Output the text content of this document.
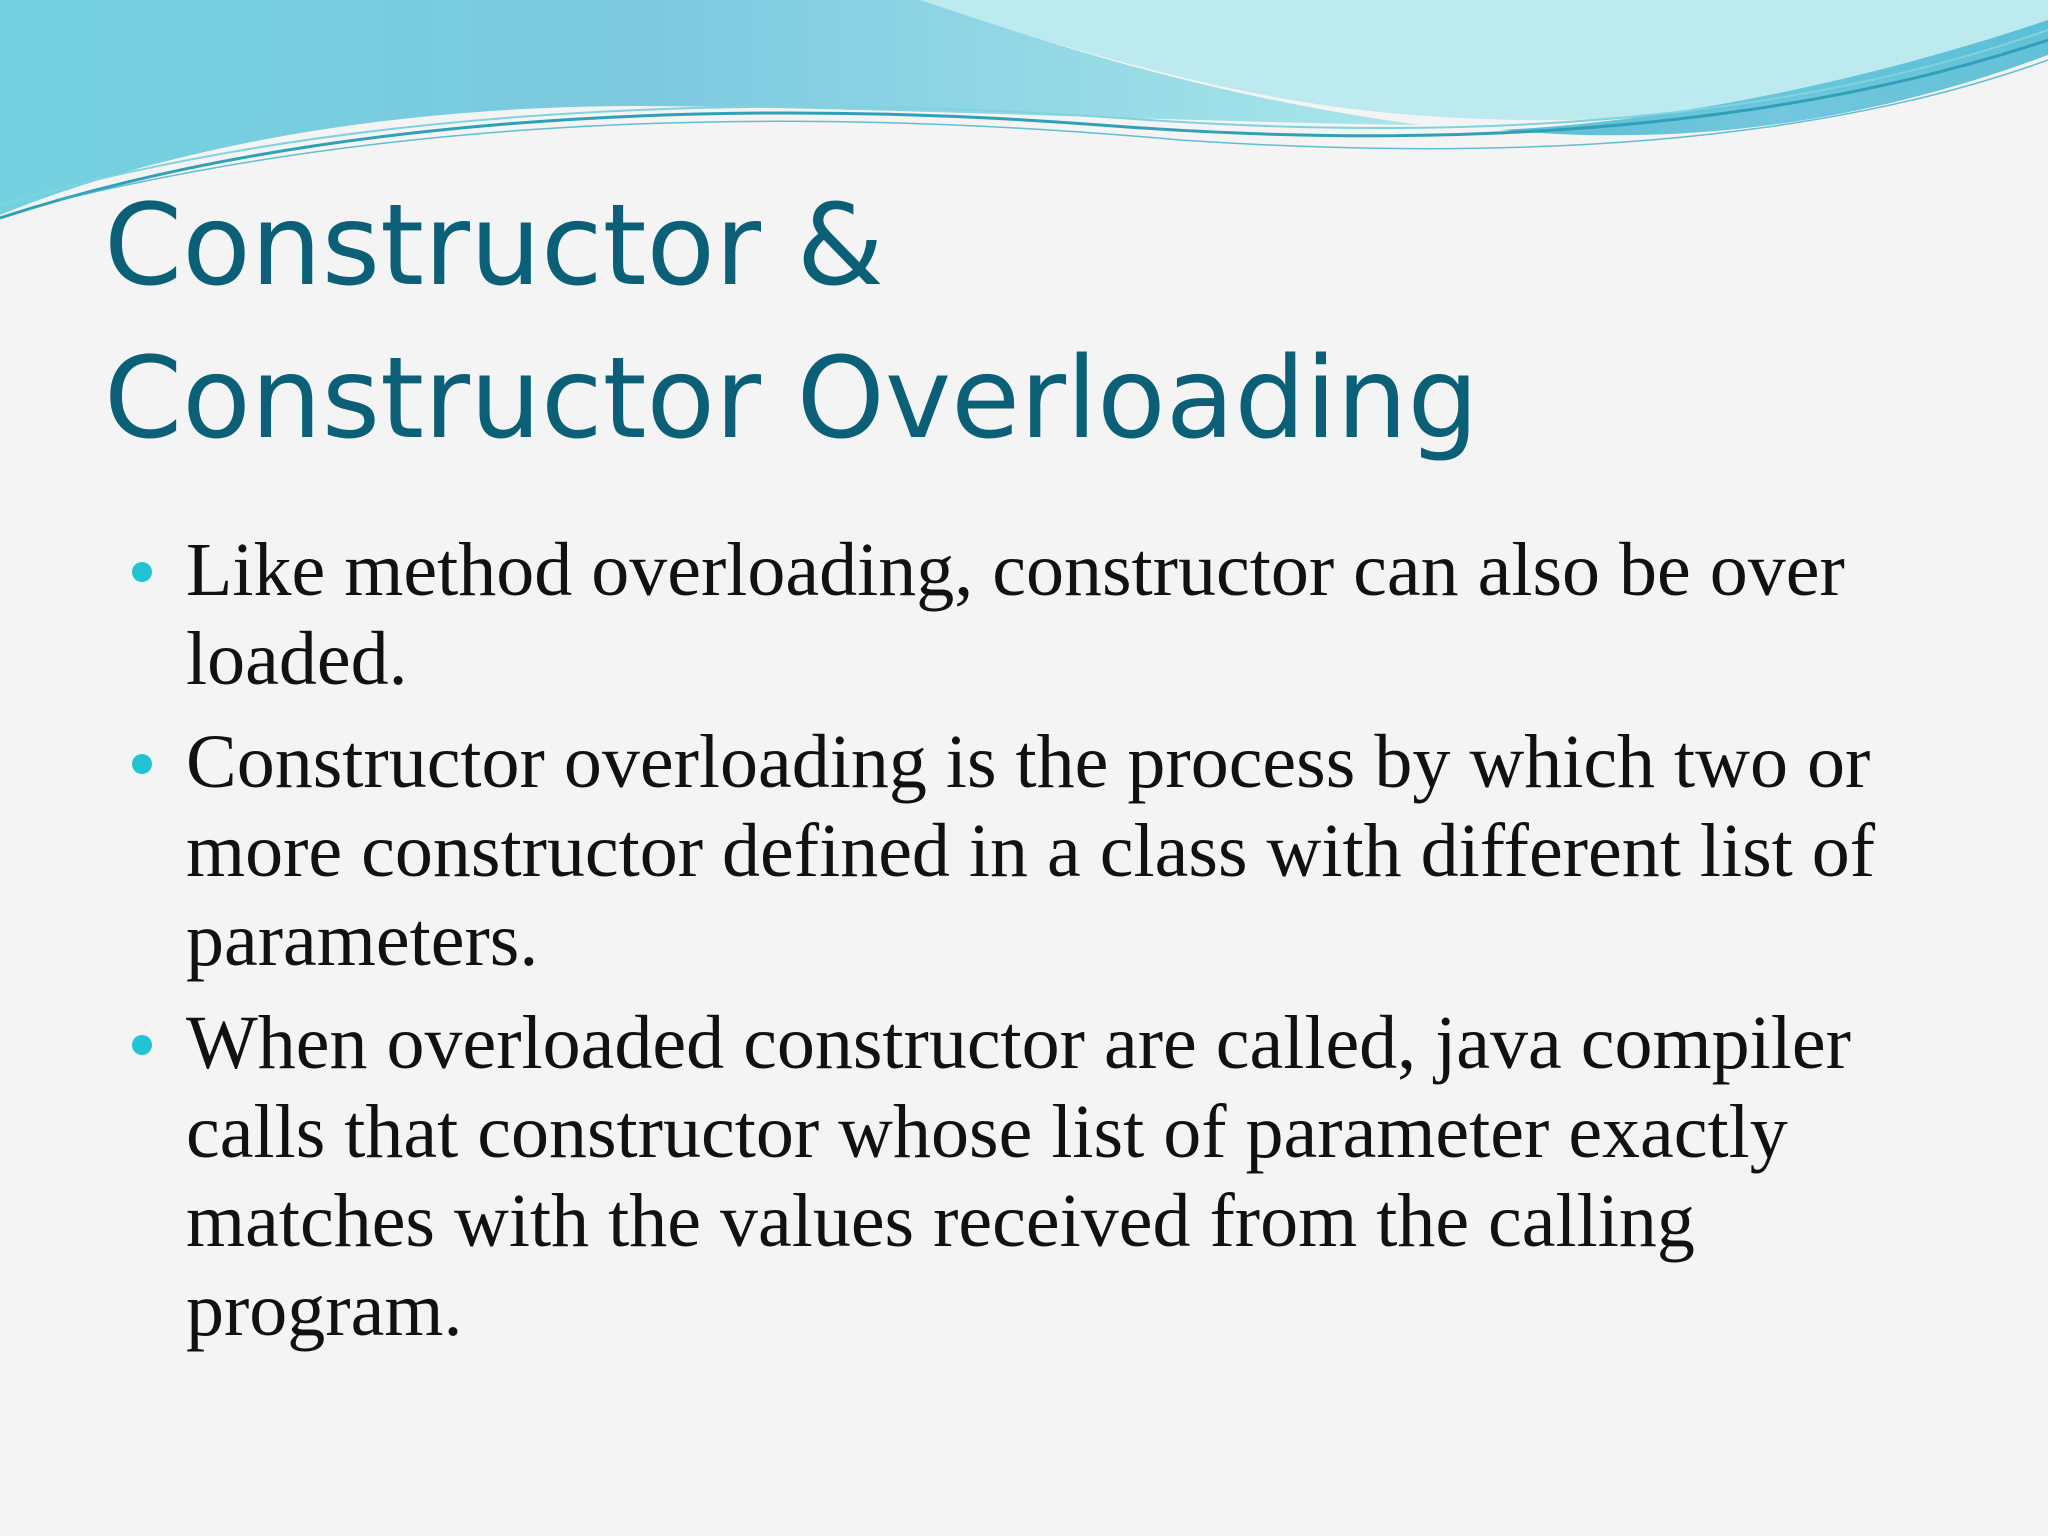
Constructor &
Constructor Overloading
Like method overloading, constructor can also be over loaded.
Constructor overloading is the process by which two or more constructor defined in a class with different list of parameters.
When overloaded constructor are called, java compiler calls that constructor whose list of parameter exactly matches with the values received from the calling program.
